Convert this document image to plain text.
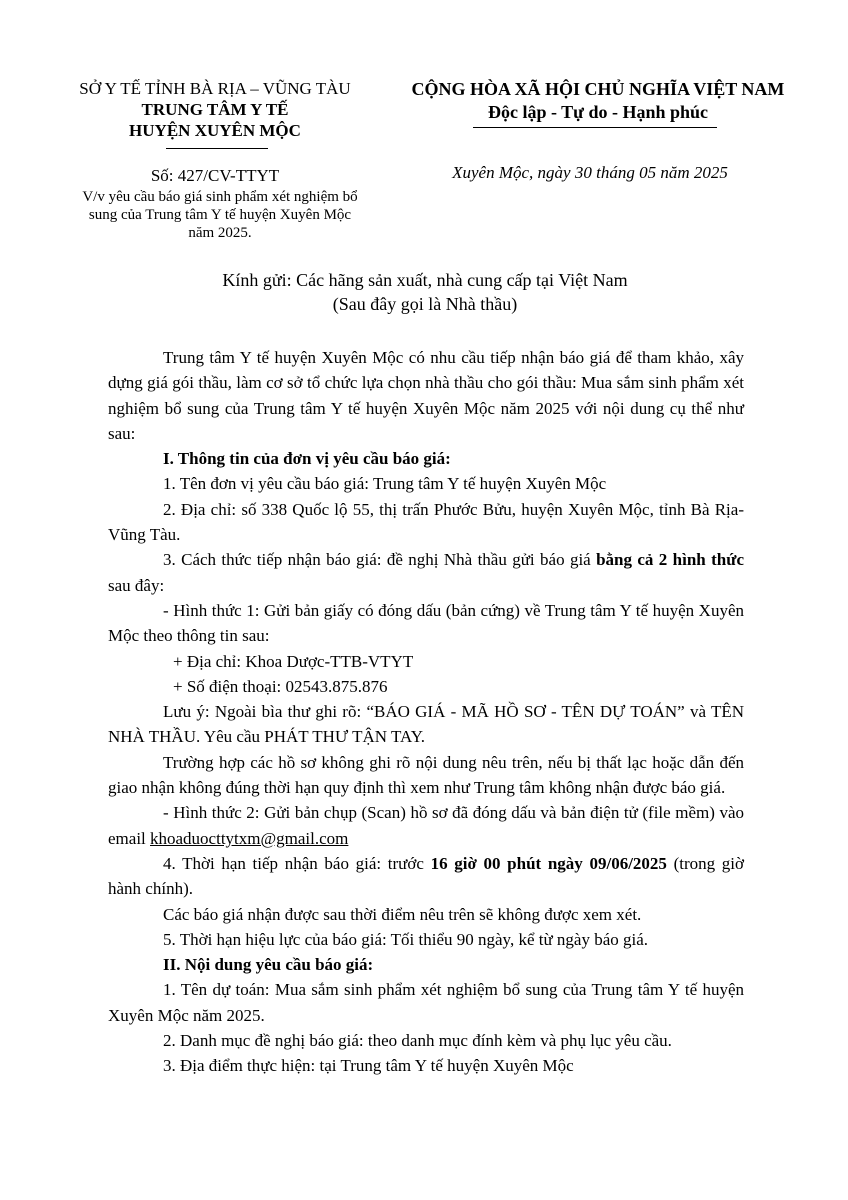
SỞ Y TẾ TỈNH BÀ RỊA – VŨNG TÀU
TRUNG TÂM Y TẾ
HUYỆN XUYÊN MỘC
CỘNG HÒA XÃ HỘI CHỦ NGHĨA VIỆT NAM
Độc lập - Tự do - Hạnh phúc
Số: 427/CV-TTYT
V/v yêu cầu báo giá sinh phẩm xét nghiệm bổ sung của Trung tâm Y tế huyện Xuyên Mộc năm 2025.
Xuyên Mộc, ngày 30 tháng 05 năm 2025
Kính gửi: Các hãng sản xuất, nhà cung cấp tại Việt Nam
(Sau đây gọi là Nhà thầu)

Trung tâm Y tế huyện Xuyên Mộc có nhu cầu tiếp nhận báo giá để tham khảo, xây dựng giá gói thầu, làm cơ sở tổ chức lựa chọn nhà thầu cho gói thầu: Mua sắm sinh phẩm xét nghiệm bổ sung của Trung tâm Y tế huyện Xuyên Mộc năm 2025 với nội dung cụ thể như sau:

I. Thông tin của đơn vị yêu cầu báo giá:

1. Tên đơn vị yêu cầu báo giá: Trung tâm Y tế huyện Xuyên Mộc

2. Địa chỉ: số 338 Quốc lộ 55, thị trấn Phước Bửu, huyện Xuyên Mộc, tỉnh Bà Rịa- Vũng Tàu.

3. Cách thức tiếp nhận báo giá: đề nghị Nhà thầu gửi báo giá bằng cả 2 hình thức sau đây:

- Hình thức 1: Gửi bản giấy có đóng dấu (bản cứng) về Trung tâm Y tế huyện Xuyên Mộc theo thông tin sau:

+ Địa chỉ: Khoa Dược-TTB-VTYT

+ Số điện thoại: 02543.875.876

Lưu ý: Ngoài bìa thư ghi rõ: “BÁO GIÁ - MÃ HỒ SƠ - TÊN DỰ TOÁN” và TÊN NHÀ THẦU. Yêu cầu PHÁT THƯ TẬN TAY.

Trường hợp các hồ sơ không ghi rõ nội dung nêu trên, nếu bị thất lạc hoặc dẫn đến giao nhận không đúng thời hạn quy định thì xem như Trung tâm không nhận được báo giá.

- Hình thức 2: Gửi bản chụp (Scan) hồ sơ đã đóng dấu và bản điện tử (file mềm) vào email khoaduocttytxm@gmail.com

4. Thời hạn tiếp nhận báo giá: trước 16 giờ 00 phút ngày 09/06/2025 (trong giờ hành chính).

Các báo giá nhận được sau thời điểm nêu trên sẽ không được xem xét.

5. Thời hạn hiệu lực của báo giá: Tối thiểu 90 ngày, kể từ ngày báo giá.

II. Nội dung yêu cầu báo giá:

1. Tên dự toán: Mua sắm sinh phẩm xét nghiệm bổ sung của Trung tâm Y tế huyện Xuyên Mộc năm 2025.

2. Danh mục đề nghị báo giá: theo danh mục đính kèm và phụ lục yêu cầu.

3. Địa điểm thực hiện: tại Trung tâm Y tế huyện Xuyên Mộc
